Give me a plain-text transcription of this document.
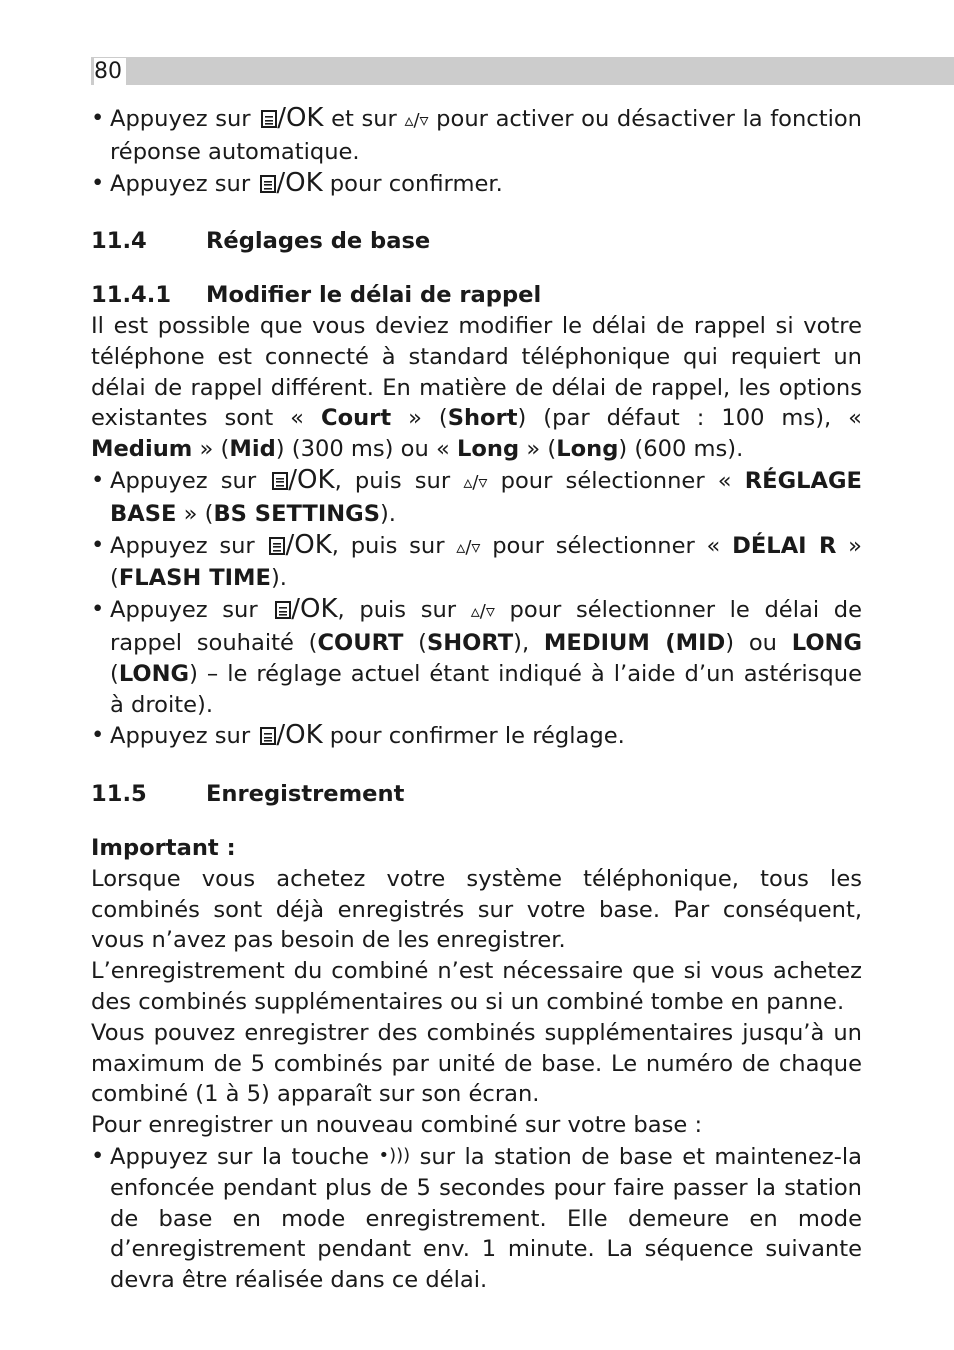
80

• Appuyez sur /OK et sur ▵/▿ pour activer ou désactiver la fonction réponse automatique.

• Appuyez sur /OK pour confirmer.

11.4	Réglages de base
11.4.1	Modifier le délai de rappel

Il est possible que vous deviez modifier le délai de rappel si votre téléphone est connecté à standard téléphonique qui requiert un délai de rappel différent. En matière de délai de rappel, les options existantes sont « Court » (Short) (par défaut : 100 ms), « Medium » (Mid) (300 ms) ou « Long » (Long) (600 ms).

• Appuyez sur /OK, puis sur ▵/▿ pour sélectionner « RÉGLAGE BASE » (BS SETTINGS).

• Appuyez sur /OK, puis sur ▵/▿ pour sélectionner « DÉLAI R » (FLASH TIME).

• Appuyez sur /OK, puis sur ▵/▿ pour sélectionner le délai de rappel souhaité (COURT (SHORT), MEDIUM (MID) ou LONG (LONG) – le réglage actuel étant indiqué à l’aide d’un astérisque à droite).

• Appuyez sur /OK pour confirmer le réglage.

11.5	Enregistrement

Important :

Lorsque vous achetez votre système téléphonique, tous les combinés sont déjà enregistrés sur votre base. Par conséquent, vous n’avez pas besoin de les enregistrer.

L’enregistrement du combiné n’est nécessaire que si vous achetez des combinés supplémentaires ou si un combiné tombe en panne.

Vous pouvez enregistrer des combinés supplémentaires jusqu’à un maximum de 5 combinés par unité de base. Le numéro de chaque combiné (1 à 5) apparaît sur son écran.

Pour enregistrer un nouveau combiné sur votre base :

• Appuyez sur la touche •))) sur la station de base et maintenez-la enfoncée pendant plus de 5 secondes pour faire passer la station de base en mode enregistrement. Elle demeure en mode d’enregistrement pendant env. 1 minute. La séquence suivante devra être réalisée dans ce délai.
